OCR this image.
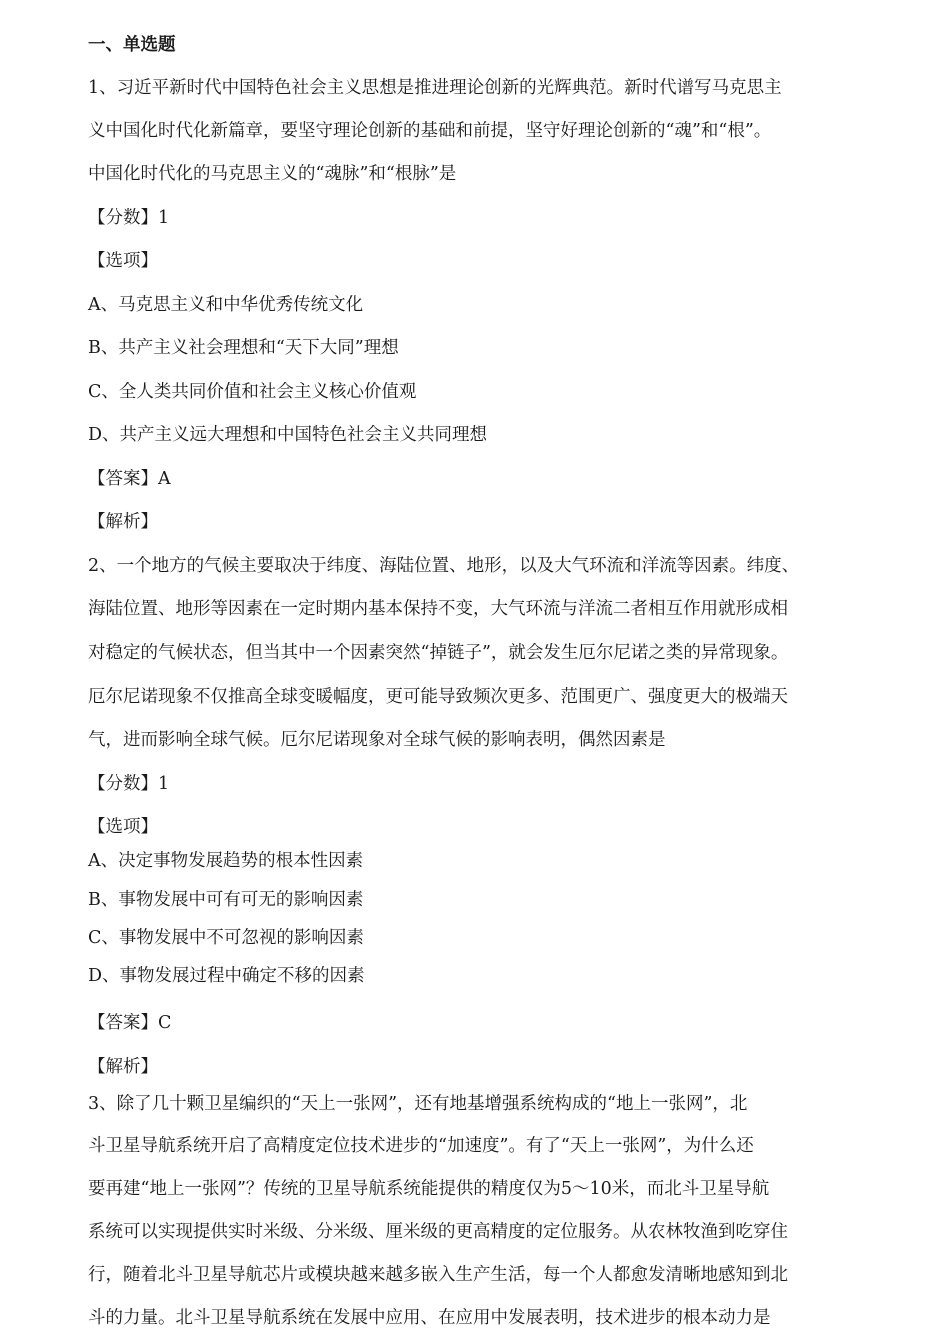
一、单选题
1、习近平新时代中国特色社会主义思想是推进理论创新的光辉典范。新时代谱写马克思主
义中国化时代化新篇章，要坚守理论创新的基础和前提，坚守好理论创新的“魂”和“根”。
中国化时代化的马克思主义的“魂脉”和“根脉”是
【分数】1
【选项】
A、马克思主义和中华优秀传统文化
B、共产主义社会理想和“天下大同”理想
C、全人类共同价值和社会主义核心价值观
D、共产主义远大理想和中国特色社会主义共同理想
【答案】A
【解析】
2、一个地方的气候主要取决于纬度、海陆位置、地形，以及大气环流和洋流等因素。纬度、
海陆位置、地形等因素在一定时期内基本保持不变，大气环流与洋流二者相互作用就形成相
对稳定的气候状态，但当其中一个因素突然“掉链子”，就会发生厄尔尼诺之类的异常现象。
厄尔尼诺现象不仅推高全球变暖幅度，更可能导致频次更多、范围更广、强度更大的极端天
气，进而影响全球气候。厄尔尼诺现象对全球气候的影响表明，偶然因素是
【分数】1
【选项】
A、决定事物发展趋势的根本性因素
B、事物发展中可有可无的影响因素
C、事物发展中不可忽视的影响因素
D、事物发展过程中确定不移的因素
【答案】C
【解析】
3、除了几十颗卫星编织的“天上一张网”，还有地基增强系统构成的“地上一张网”，北
斗卫星导航系统开启了高精度定位技术进步的“加速度”。有了“天上一张网”，为什么还
要再建“地上一张网”？传统的卫星导航系统能提供的精度仅为5～10米，而北斗卫星导航
系统可以实现提供实时米级、分米级、厘米级的更高精度的定位服务。从农林牧渔到吃穿住
行，随着北斗卫星导航芯片或模块越来越多嵌入生产生活，每一个人都愈发清晰地感知到北
斗的力量。北斗卫星导航系统在发展中应用、在应用中发展表明，技术进步的根本动力是
